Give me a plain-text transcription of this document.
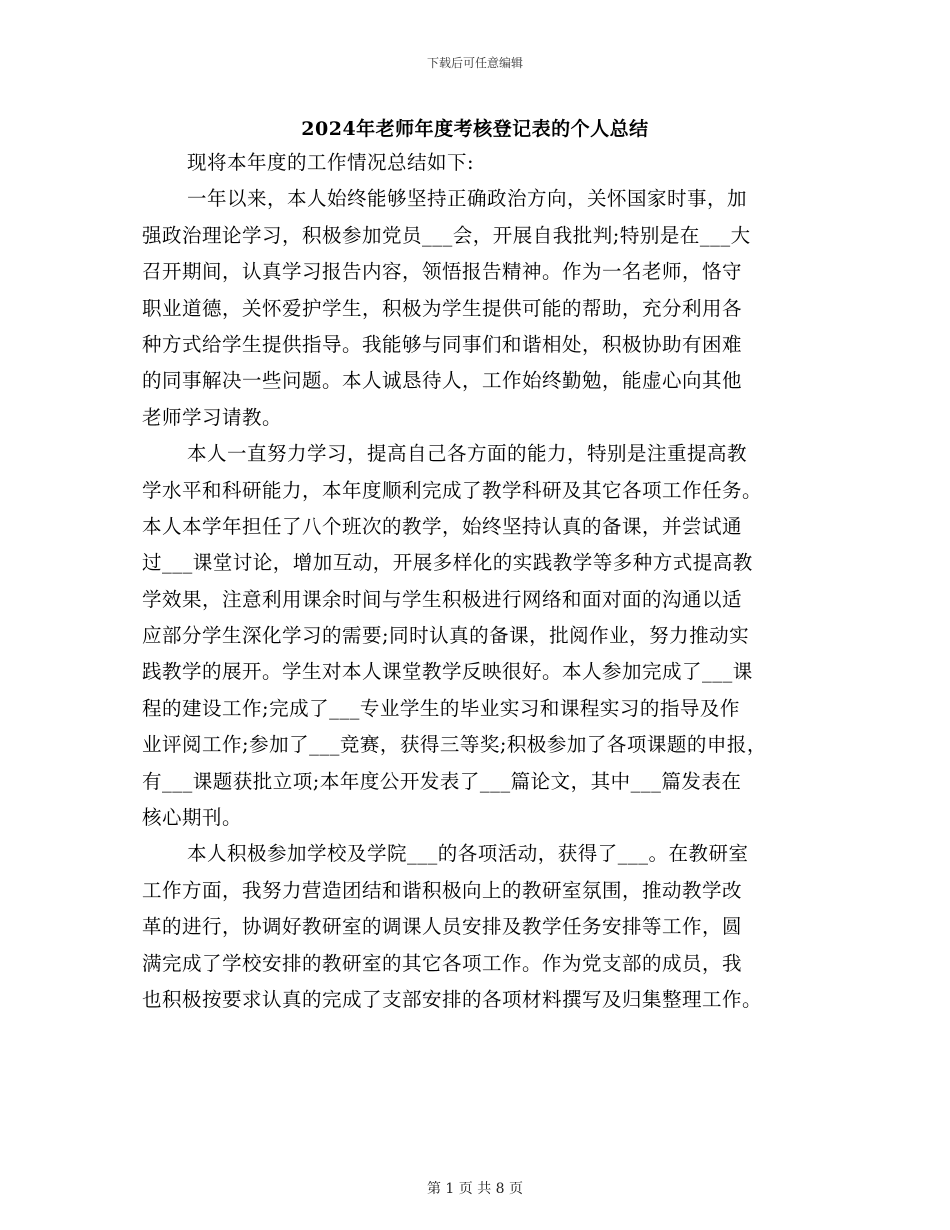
下载后可任意编辑
2024年老师年度考核登记表的个人总结
现将本年度的工作情况总结如下:
一年以来，本人始终能够坚持正确政治方向，关怀国家时事，加
强政治理论学习，积极参加党员___会，开展自我批判;特别是在___大
召开期间，认真学习报告内容，领悟报告精神。作为一名老师，恪守
职业道德，关怀爱护学生，积极为学生提供可能的帮助，充分利用各
种方式给学生提供指导。我能够与同事们和谐相处，积极协助有困难
的同事解决一些问题。本人诚恳待人，工作始终勤勉，能虚心向其他
老师学习请教。
本人一直努力学习，提高自己各方面的能力，特别是注重提高教
学水平和科研能力，本年度顺利完成了教学科研及其它各项工作任务。
本人本学年担任了八个班次的教学，始终坚持认真的备课，并尝试通
过___课堂讨论，增加互动，开展多样化的实践教学等多种方式提高教
学效果，注意利用课余时间与学生积极进行网络和面对面的沟通以适
应部分学生深化学习的需要;同时认真的备课，批阅作业，努力推动实
践教学的展开。学生对本人课堂教学反映很好。本人参加完成了___课
程的建设工作;完成了___专业学生的毕业实习和课程实习的指导及作
业评阅工作;参加了___竞赛，获得三等奖;积极参加了各项课题的申报，
有___课题获批立项;本年度公开发表了___篇论文，其中___篇发表在
核心期刊。
本人积极参加学校及学院___的各项活动，获得了___。在教研室
工作方面，我努力营造团结和谐积极向上的教研室氛围，推动教学改
革的进行，协调好教研室的调课人员安排及教学任务安排等工作，圆
满完成了学校安排的教研室的其它各项工作。作为党支部的成员，我
也积极按要求认真的完成了支部安排的各项材料撰写及归集整理工作。
第 1 页 共 8 页
